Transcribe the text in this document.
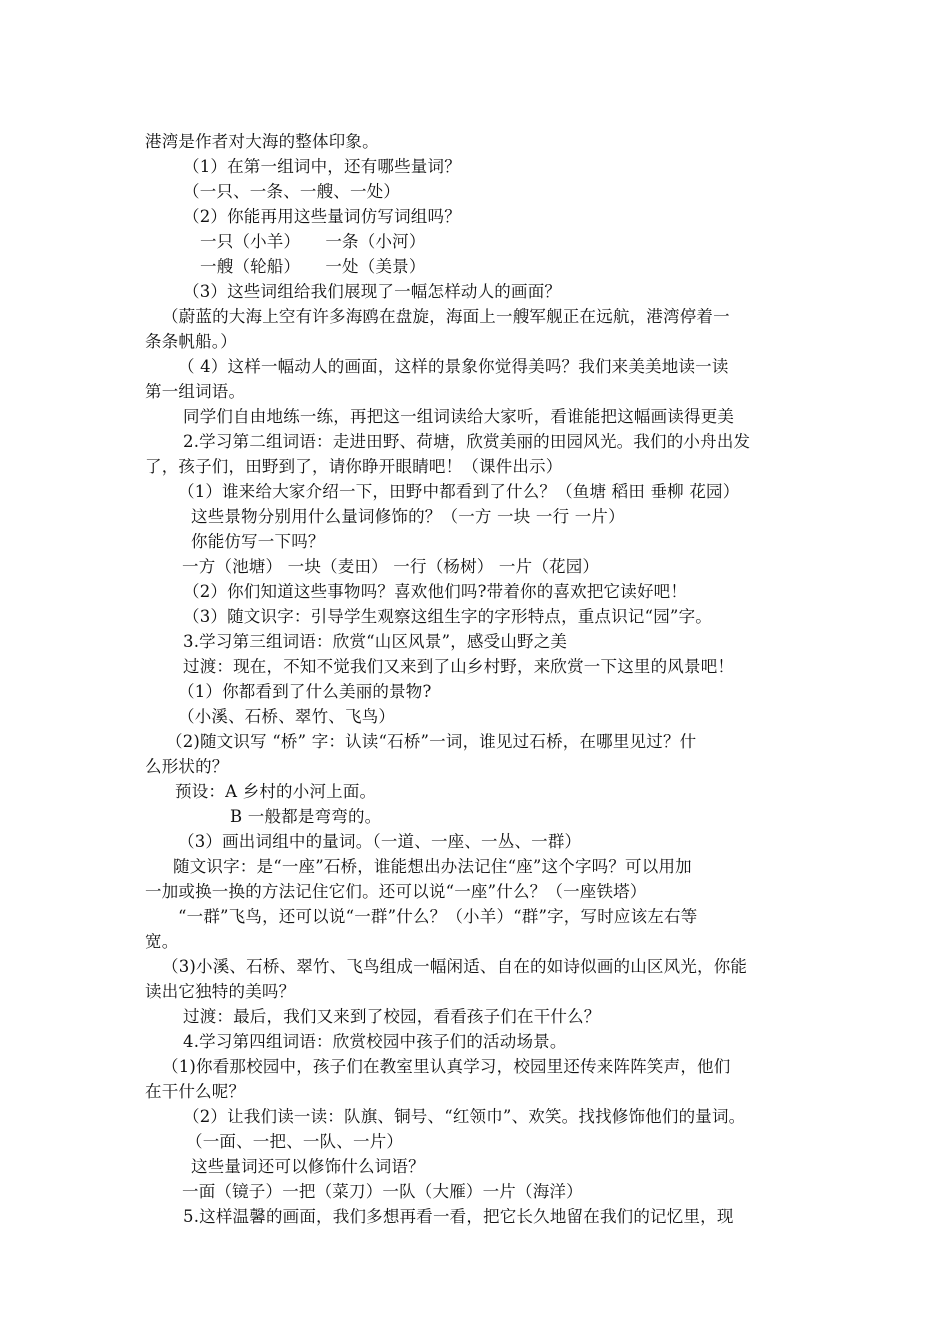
港湾是作者对大海的整体印象。
（1）在第一组词中，还有哪些量词？
（一只、一条、一艘、一处）
（2）你能再用这些量词仿写词组吗？
一只（小羊）　　一条（小河）
一艘（轮船）　　一处（美景）
（3）这些词组给我们展现了一幅怎样动人的画面？
（蔚蓝的大海上空有许多海鸥在盘旋，海面上一艘军舰正在远航，港湾停着一
条条帆船。）
（ 4）这样一幅动人的画面，这样的景象你觉得美吗？我们来美美地读一读
第一组词语。
同学们自由地练一练，再把这一组词读给大家听，看谁能把这幅画读得更美
2.学习第二组词语：走进田野、荷塘，欣赏美丽的田园风光。我们的小舟出发
了，孩子们，田野到了，请你睁开眼睛吧！（课件出示）
（1）谁来给大家介绍一下，田野中都看到了什么？（鱼塘 稻田 垂柳 花园）
这些景物分别用什么量词修饰的？（一方 一块 一行 一片）
你能仿写一下吗？
一方（池塘） 一块（麦田） 一行（杨树） 一片（花园）
（2）你们知道这些事物吗？喜欢他们吗?带着你的喜欢把它读好吧！
（3）随文识字：引导学生观察这组生字的字形特点，重点识记“园”字。
3.学习第三组词语：欣赏“山区风景”，感受山野之美
过渡：现在，不知不觉我们又来到了山乡村野，来欣赏一下这里的风景吧！
（1）你都看到了什么美丽的景物?
（小溪、石桥、翠竹、飞鸟）
（2)随文识写 “桥” 字：认读“石桥”一词，谁见过石桥，在哪里见过？什
么形状的？
预设：A 乡村的小河上面。
B 一般都是弯弯的。
（3）画出词组中的量词。（一道、一座、一丛、一群）
随文识字：是“一座”石桥，谁能想出办法记住“座”这个字吗？可以用加
一加或换一换的方法记住它们。还可以说“一座”什么？（一座铁塔）
“一群”飞鸟，还可以说“一群”什么？（小羊）“群”字，写时应该左右等
宽。
（3)小溪、石桥、翠竹、飞鸟组成一幅闲适、自在的如诗似画的山区风光，你能
读出它独特的美吗？
过渡：最后，我们又来到了校园，看看孩子们在干什么？
4.学习第四组词语：欣赏校园中孩子们的活动场景。
（1)你看那校园中，孩子们在教室里认真学习，校园里还传来阵阵笑声，他们
在干什么呢？
（2）让我们读一读：队旗、铜号、“红领巾”、欢笑。找找修饰他们的量词。
（一面、一把、一队、一片）
这些量词还可以修饰什么词语？
一面（镜子）一把（菜刀）一队（大雁）一片（海洋）
5.这样温馨的画面，我们多想再看一看，把它长久地留在我们的记忆里，现
